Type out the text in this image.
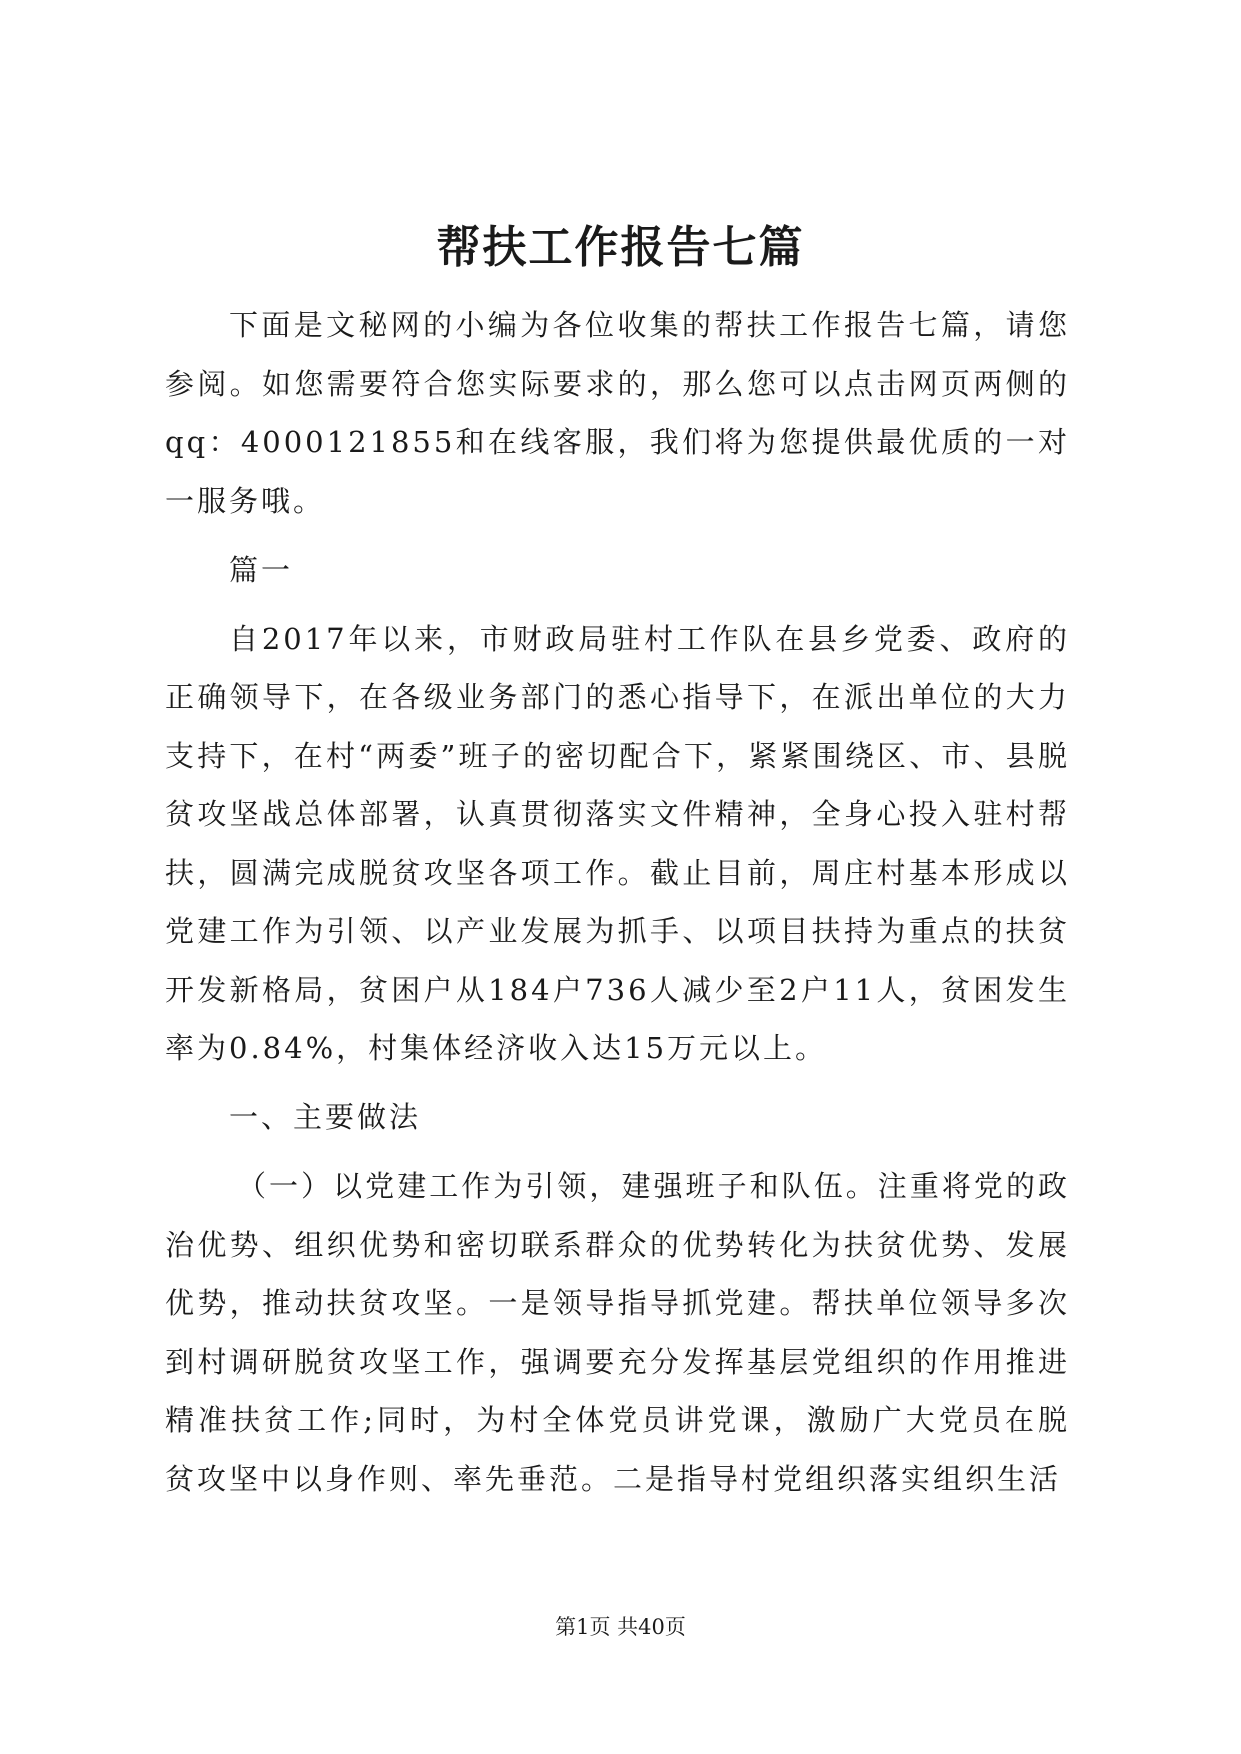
帮扶工作报告七篇

下面是文秘网的小编为各位收集的帮扶工作报告七篇，请您参阅。如您需要符合您实际要求的，那么您可以点击网页两侧的qq：4000121855和在线客服，我们将为您提供最优质的一对一服务哦。

篇一

自2017年以来，市财政局驻村工作队在县乡党委、政府的正确领导下，在各级业务部门的悉心指导下，在派出单位的大力支持下，在村“两委”班子的密切配合下，紧紧围绕区、市、县脱贫攻坚战总体部署，认真贯彻落实文件精神，全身心投入驻村帮扶，圆满完成脱贫攻坚各项工作。截止目前，周庄村基本形成以党建工作为引领、以产业发展为抓手、以项目扶持为重点的扶贫开发新格局，贫困户从184户736人减少至2户11人，贫困发生率为0.84%，村集体经济收入达15万元以上。

一、主要做法

（一）以党建工作为引领，建强班子和队伍。注重将党的政治优势、组织优势和密切联系群众的优势转化为扶贫优势、发展优势，推动扶贫攻坚。一是领导指导抓党建。帮扶单位领导多次到村调研脱贫攻坚工作，强调要充分发挥基层党组织的作用推进精准扶贫工作;同时，为村全体党员讲党课，激励广大党员在脱贫攻坚中以身作则、率先垂范。二是指导村党组织落实组织生活

第1页 共40页
